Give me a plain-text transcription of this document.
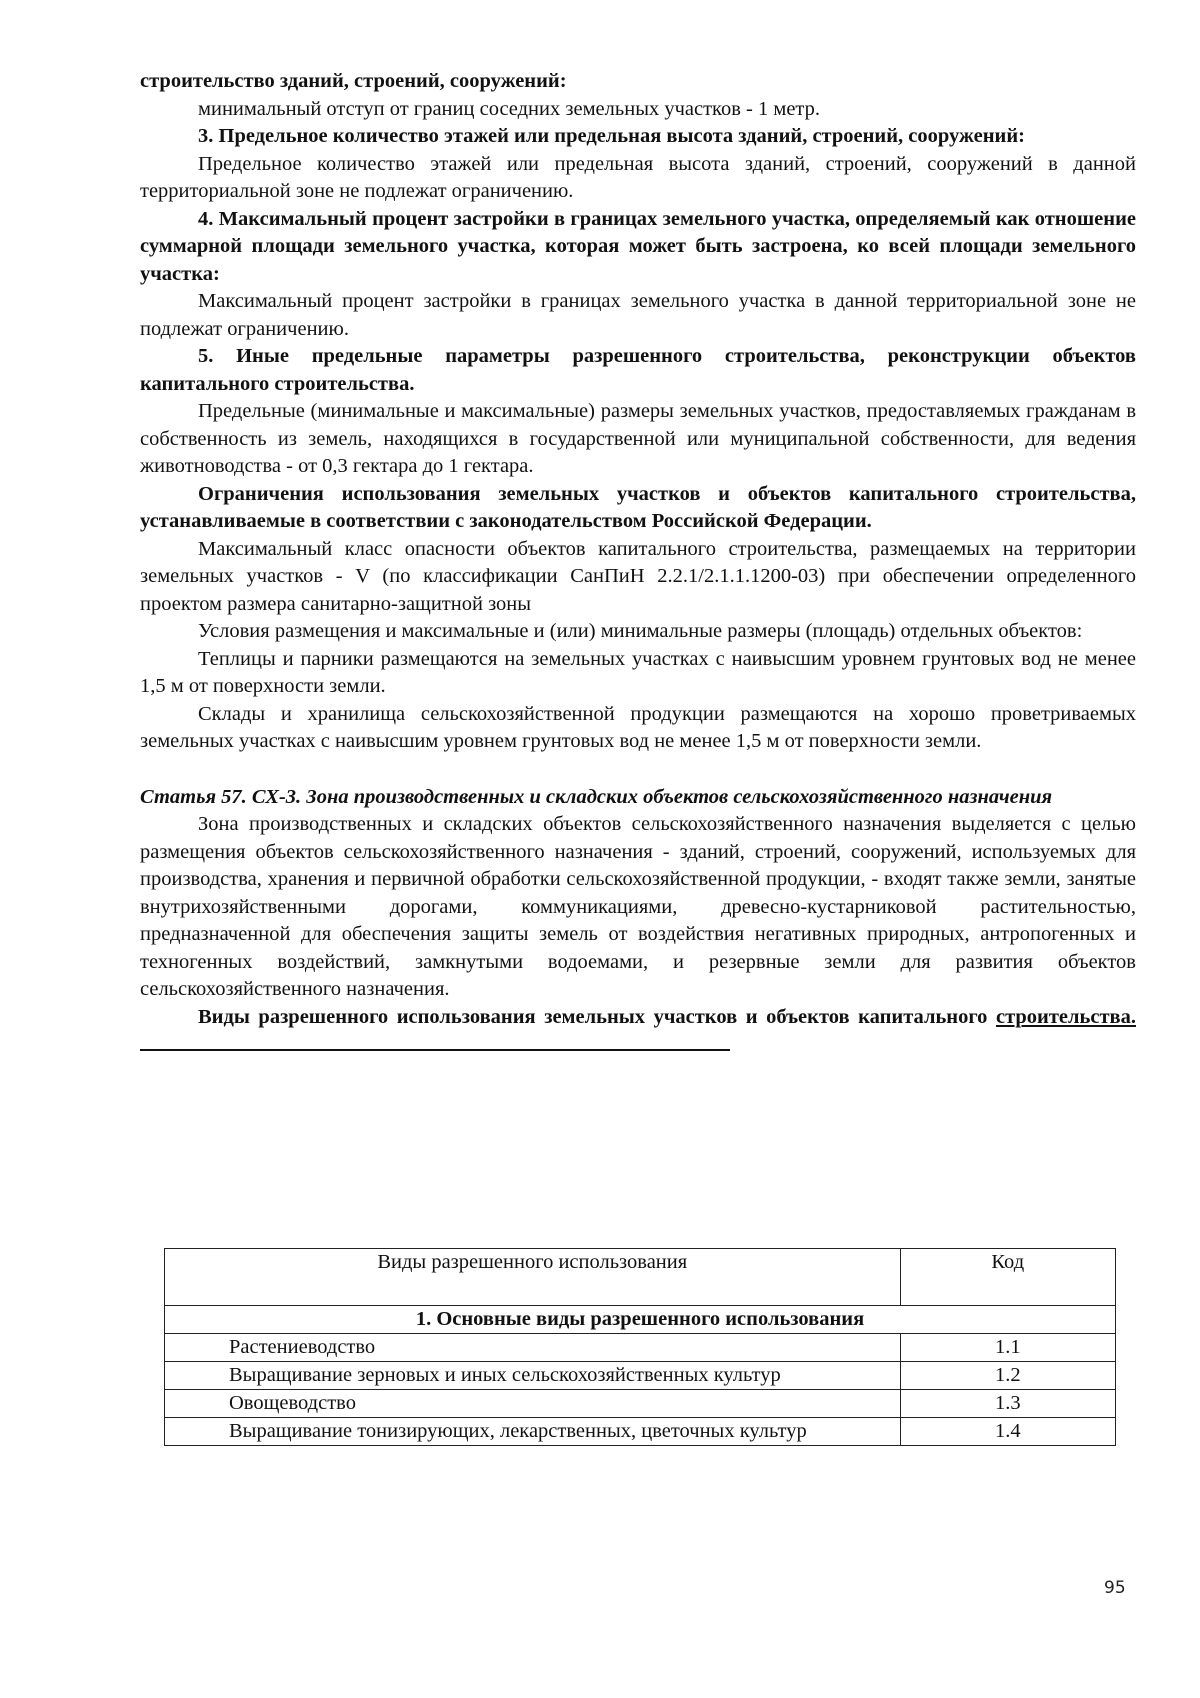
строительство зданий, строений, сооружений:

минимальный отступ от границ соседних земельных участков - 1 метр.

3. Предельное количество этажей или предельная высота зданий, строений, сооружений:

Предельное количество этажей или предельная высота зданий, строений, сооружений в данной территориальной зоне не подлежат ограничению.

4. Максимальный процент застройки в границах земельного участка, определяемый как отношение суммарной площади земельного участка, которая может быть застроена, ко всей площади земельного участка:

Максимальный процент застройки в границах земельного участка в данной территориальной зоне не подлежат ограничению.

5. Иные предельные параметры разрешенного строительства, реконструкции объектов капитального строительства.

Предельные (минимальные и максимальные) размеры земельных участков, предоставляемых гражданам в собственность из земель, находящихся в государственной или муниципальной собственности, для ведения животноводства - от 0,3 гектара до 1 гектара.

Ограничения использования земельных участков и объектов капитального строительства, устанавливаемые в соответствии с законодательством Российской Федерации.

Максимальный класс опасности объектов капитального строительства, размещаемых на территории земельных участков - V (по классификации СанПиН 2.2.1/2.1.1.1200-03) при обеспечении определенного проектом размера санитарно-защитной зоны

Условия размещения и максимальные и (или) минимальные размеры (площадь) отдельных объектов:

Теплицы и парники размещаются на земельных участках с наивысшим уровнем грунтовых вод не менее 1,5 м от поверхности земли.

Склады и хранилища сельскохозяйственной продукции размещаются на хорошо проветриваемых земельных участках с наивысшим уровнем грунтовых вод не менее 1,5 м от поверхности земли.

Статья 57. СХ-3. Зона производственных и складских объектов сельскохозяйственного назначения

Зона производственных и складских объектов сельскохозяйственного назначения выделяется с целью размещения объектов сельскохозяйственного назначения - зданий, строений, сооружений, используемых для производства, хранения и первичной обработки сельскохозяйственной продукции, - входят также земли, занятые внутрихозяйственными дорогами, коммуникациями, древесно-кустарниковой растительностью, предназначенной для обеспечения защиты земель от воздействия негативных природных, антропогенных и техногенных воздействий, замкнутыми водоемами, и резервные земли для развития объектов сельскохозяйственного назначения.

Виды разрешенного использования земельных участков и объектов капитального строительства.

Виды разрешенного использования	Код
1. Основные виды разрешенного использования	
Растениеводство	1.1
Выращивание зерновых и иных сельскохозяйственных культур	1.2
Овощеводство	1.3
Выращивание тонизирующих, лекарственных, цветочных культур	1.4
95
